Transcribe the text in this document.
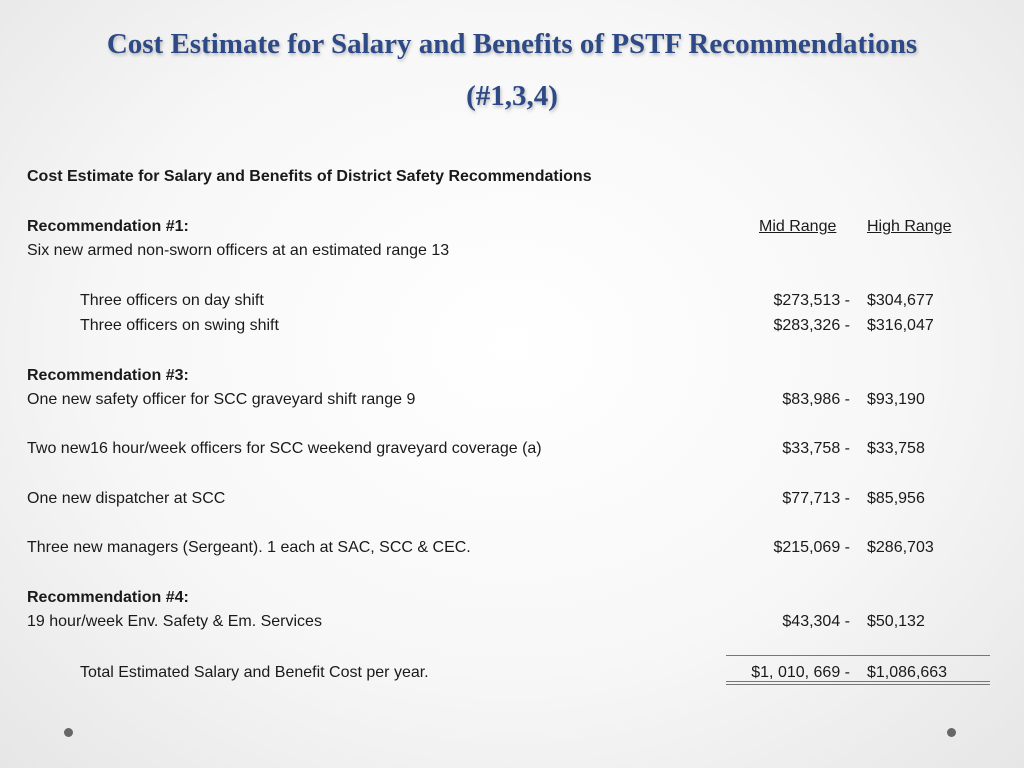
Cost Estimate for Salary and Benefits of PSTF Recommendations
(#1,3,4)
Cost Estimate for Salary and Benefits of District Safety Recommendations
Recommendation #1:	Mid Range High Range
Six new armed non-sworn officers at an estimated range 13
Three officers on day shift	$273,513 - $304,677
Three officers on swing shift	$283,326 - $316,047
Recommendation #3:
One new safety officer for SCC graveyard shift range 9	$83,986 - $93,190
Two new16 hour/week officers for SCC weekend graveyard coverage (a)	$33,758 - $33,758
One new dispatcher at SCC	$77,713 - $85,956
Three new managers (Sergeant). 1 each at SAC, SCC & CEC.	$215,069 - $286,703
Recommendation #4:
19 hour/week Env. Safety & Em. Services	$43,304 - $50,132
Total Estimated Salary and Benefit Cost per year.	$1, 010, 669 - $1,086,663
